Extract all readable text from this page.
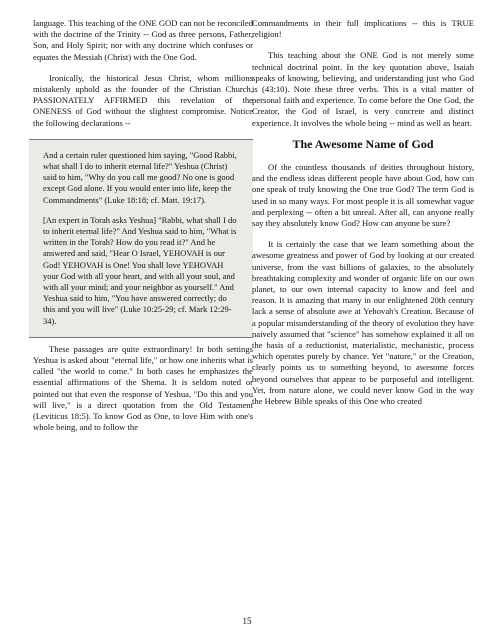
language. This teaching of the ONE GOD can not be reconciled with the doctrine of the Trinity -- God as three persons, Father, Son, and Holy Spirit; nor with any doctrine which confuses or equates the Messiah (Christ) with the One God.

Ironically, the historical Jesus Christ, whom millions mistakenly uphold as the founder of the Christian Church, PASSIONATELY AFFIRMED this revelation of the ONENESS of God without the slightest compromise. Notice the following declarations --

And a certain ruler questioned him saying, "Good Rabbi, what shall I do to inherit eternal life?" Yeshua (Christ) said to him, "Why do you call me good? No one is good except God alone. If you would enter into life, keep the Commandments" (Luke 18:18; cf. Matt. 19:17).

[An expert in Torah asks Yeshua] "Rabbi, what shall I do to inherit eternal life?" And Yeshua said to him, "What is written in the Torah? How do you read it?" And he answered and said, "Hear O Israel, YEHOVAH is our God! YEHOVAH is One! You shall love YEHOVAH your God with all your heart, and with all your soul, and with all your mind; and your neighbor as yourself." And Yeshua said to him, "You have answered correctly; do this and you will live" (Luke 10:25-29; cf. Mark 12:29-34).

These passages are quite extraordinary! In both settings Yeshua is asked about "eternal life," or how one inherits what is called "the world to come." In both cases he emphasizes the essential affirmations of the Shema. It is seldom noted or pointed out that even the response of Yeshua, "Do this and you will live," is a direct quotation from the Old Testament (Leviticus 18:5). To know God as One, to love Him with one's whole being, and to follow the

Commandments in their full implications -- this is TRUE religion!

This teaching about the ONE God is not merely some technical doctrinal point. In the key quotation above, Isaiah speaks of knowing, believing, and understanding just who God is (43:10). Note these three verbs. This is a vital matter of personal faith and experience. To come before the One God, the Creator, the God of Israel, is very concrete and distinct experience. It involves the whole being -- mind as well as heart.

The Awesome Name of God

Of the countless thousands of deities throughout history, and the endless ideas different people have about God, how can one speak of truly knowing the One true God? The term God is used in so many ways. For most people it is all somewhat vague and perplexing -- often a bit unreal. After all, can anyone really say they absolutely know God? How can anyone be sure?

It is certainly the case that we learn something about the awesome greatness and power of God by looking at our created universe, from the vast billions of galaxies, to the absolutely breathtaking complexity and wonder of organic life on our own planet, to our own internal capacity to know and feel and reason. It is amazing that many in our enlightened 20th century lack a sense of absolute awe at Yehovah's Creation. Because of a popular misunderstanding of the theory of evolution they have naively assumed that "science" has somehow explained it all on the basis of a reductionist, materialistic, mechanistic, process which operates purely by chance. Yet "nature," or the Creation, clearly points us to something beyond, to awesome forces beyond ourselves that appear to be purposeful and intelligent. Yet, from nature alone, we could never know God in the way the Hebrew Bible speaks of this One who created

15
